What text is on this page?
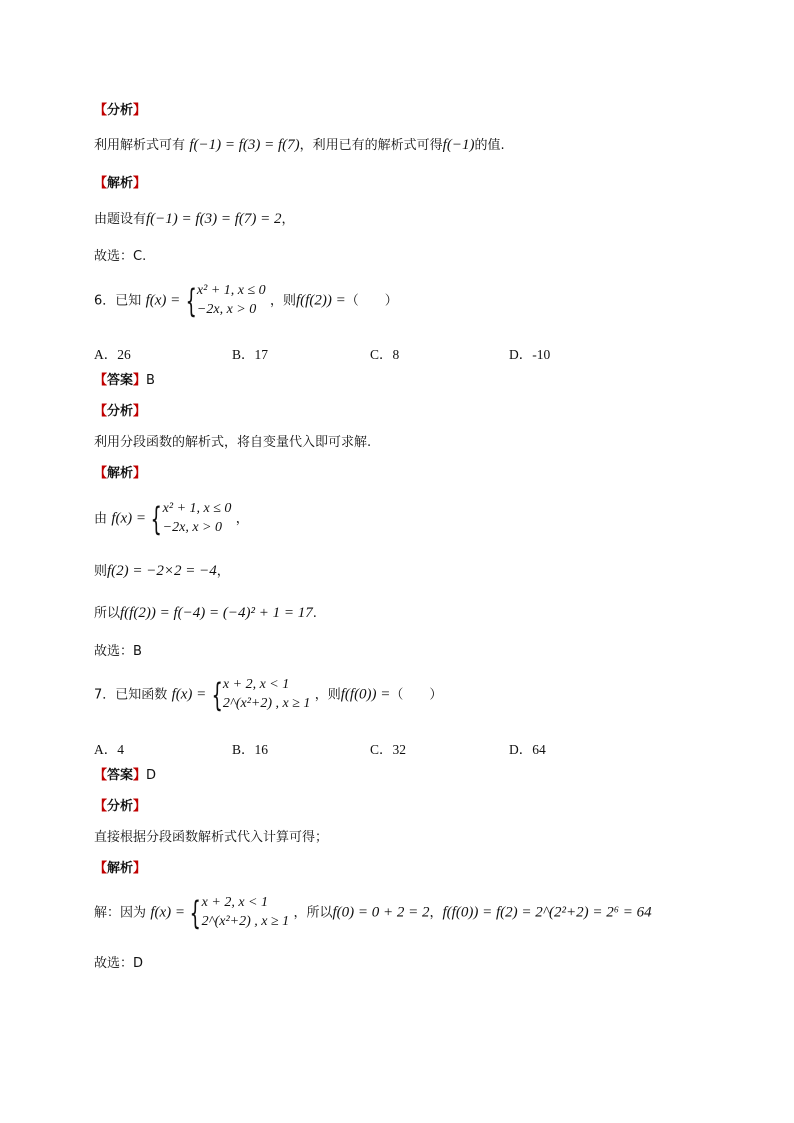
【分析】
利用解析式可有 f(−1) = f(3) = f(7)，利用已有的解析式可得f(−1)的值.
【解析】
由题设有f(−1) = f(3) = f(7) = 2，
故选：C.
6．已知 f(x) = { x² + 1, x ≤ 0
−2x, x > 0
，则f(f(2)) =（　　）
A．26	B．17	C．8	D．-10
【答案】B
【分析】
利用分段函数的解析式，将自变量代入即可求解.
【解析】
由 f(x) = { x² + 1, x ≤ 0
−2x, x > 0
，
则f(2) = −2×2 = −4，
所以f(f(2)) = f(−4) = (−4)² + 1 = 17.
故选：B
7．已知函数 f(x) = { x + 2, x < 1
2^(x²+2) , x ≥ 1
，则f(f(0)) =（　　）
A．4	B．16	C．32	D．64
【答案】D
【分析】
直接根据分段函数解析式代入计算可得；
【解析】
解：因为 f(x) = { x + 2, x < 1
2^(x²+2) , x ≥ 1
，所以f(0) = 0 + 2 = 2，f(f(0)) = f(2) = 2^(2²+2) = 2⁶ = 64
故选：D
